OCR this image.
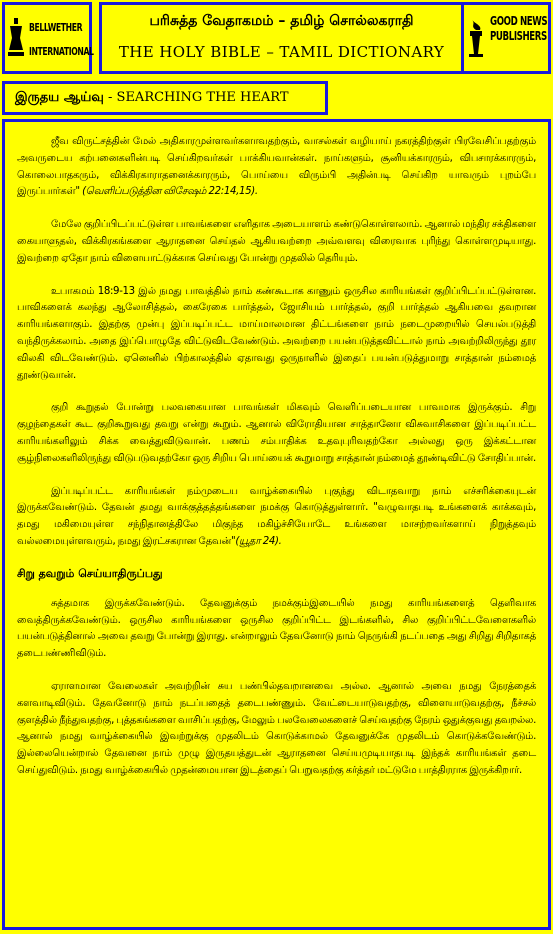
BELLWETHER
INTERNATIONAL
பரிசுத்த வேதாகமம் – தமிழ் சொல்லகராதி
THE HOLY BIBLE – TAMIL DICTIONARY
GOOD NEWS
PUBLISHERS
இருதய ஆய்வு - SEARCHING THE HEART

ஜீவ விருட்சத்தின் மேல் அதிகாரமுள்ளவர்களாவதற்கும், வாசல்கள் வழியாய் நகரத்திற்குள் பிரவேசிப்பதற்கும் அவருடைய கற்பனைகளின்படி செய்கிறவர்கள் பாக்கியவான்கள். நாய்களும், சூனியக்காரரும், விபசாரக்காரரும், கொலைபாதகரும், விக்கிரகாராதனைக்காரரும், பொய்யை விரும்பி அதின்படி செய்கிற யாவரும் புறம்பே இருப்பார்கள்" (வெளிப்படுத்தின விசேஷம் 22:14,15).

மேலே குறிப்பிடப்பட்டுள்ள பாவங்களை எளிதாக அடையாளம் கண்டுகொள்ளலாம். ஆனால் மந்திர சக்திகளை கையாளுதல், விக்கிரகங்களை ஆராதனை செய்தல் ஆகியவற்றை அவ்வளவு விரைவாக புரிந்து கொள்ளமுடியாது. இவற்றை ஏதோ நாம் விளையாட்டுக்காக செய்வது போன்று முதலில் தெரியும்.

உபாகமம் 18:9-13 இல் நமது பாவத்தில் நாம் கண்கூடாக காணும் ஒருசில காரியங்கள் குறிப்பிடப்பட்டுள்ளன. பாவிகளைக் கலந்து ஆலோசித்தல், கைரேகை பார்த்தல், ஜோசியம் பார்த்தல், குறி பார்த்தல் ஆகியவை தவறான காரியங்களாகும். இதற்கு முன்பு இப்படிப்பட்ட மாய்மாலமான திட்டங்களை நாம் நடைமுறையில் செயல்படுத்தி வந்திருக்கலாம். அதை இப்பொழுதே விட்டுவிடவேண்டும். அவற்றை பயன்படுத்தவிட்டால் நாம் அவற்றிலிருந்து தூர விலகி விடவேண்டும். ஏனெனில் பிற்காலத்தில் ஏதாவது ஒருநாளில் இதைப் பயன்படுத்துமாறு சாத்தான் நம்மைத் தூண்டுவான்.

குறி கூறுதல் போன்று பலவகையான பாவங்கள் மிகவும் வெளிப்படையான பாவமாக இருக்கும். சிறு குழந்தைகள் கூட குறிகூறுவது தவறு என்று கூறும். ஆனால் விரோதியான சாத்தானோ விசுவாசிகளை இப்படிப்பட்ட காரியங்களிலும் சிக்க வைத்துவிடுவான். பணம் சம்பாதிக்க உதவுபுரிவதற்கோ அல்லது ஒரு இக்கட்டான சூழ்நிலைகளிலிருந்து விடுபடுவதற்கோ ஒரு சிறிய பொய்யைக் கூறுமாறு சாத்தான் நம்மைத் தூண்டிவிட்டு சோதிப்பான்.

இப்படிப்பட்ட காரியங்கள் நம்முடைய வாழ்க்கையில் புகுந்து விடாதவாறு நாம் எச்சரிக்கையுடன் இருக்கவேண்டும். தேவன் தமது வாக்குத்தத்தங்களை நமக்கு கொடுத்துள்ளார். "வழுவாதபடி உங்களைக் காக்கவும், தமது மகிமையுள்ள சந்நிதானத்திலே மிகுந்த மகிழ்ச்சியோடே உங்களை மாசற்றவர்களாய் நிறுத்தவும் வல்லமையுள்ளவரும், நமது இரட்சகரான தேவன்"(யூதா 24).

சிறு தவறும் செய்யாதிருப்பது

சுத்தமாக இருக்கவேண்டும். தேவனுக்கும் நமக்கும்இடையில் நமது காரியங்களைத் தெளிவாக வைத்திருக்கவேண்டும். ஒருசில காரியங்களை ஒருசில குறிப்பிட்ட இடங்களில், சில குறிப்பிட்டவேளைகளில் பயன்படுத்தினால் அவை தவறு போன்று இராது. என்றாலும் தேவனோடு நாம் நெருங்கி நடப்பதை அது சிறிது சிறிதாகத் தடைபண்ணிவிடும்.

ஏராளமான வேலைகள் அவற்றின் சுய பண்பில்தவறானவை அல்ல. ஆனால் அவை நமது நேரத்தைக் களவாடிவிடும். தேவனோடு நாம் நடப்பதைத் தடைபண்ணும். வேட்டையாடுவதற்கு, விளையாடுவதற்கு, நீச்சல் குளத்தில் நீந்துவதற்கு, புத்தகங்களை வாசிப்பதற்கு, மேலும் பலவேலைகளைச் செய்வதற்கு நேரம் ஒதுக்குவது தவறல்ல. ஆனால் நமது வாழ்க்கையில் இவற்றுக்கு முதலிடம் கொடுக்காமல் தேவனுக்கே முதலிடம் கொடுக்கவேண்டும். இல்லையென்றால் தேவனை நாம் முழு இருதயத்துடன் ஆராதனை செய்யமுடியாதபடி இந்தக் காரியங்கள் தடை செய்துவிடும். நமது வாழ்க்கையில் முதன்மையான இடத்தைப் பெறுவதற்கு கர்த்தர் மட்டுமே பாத்திரராக இருக்கிறார்.
